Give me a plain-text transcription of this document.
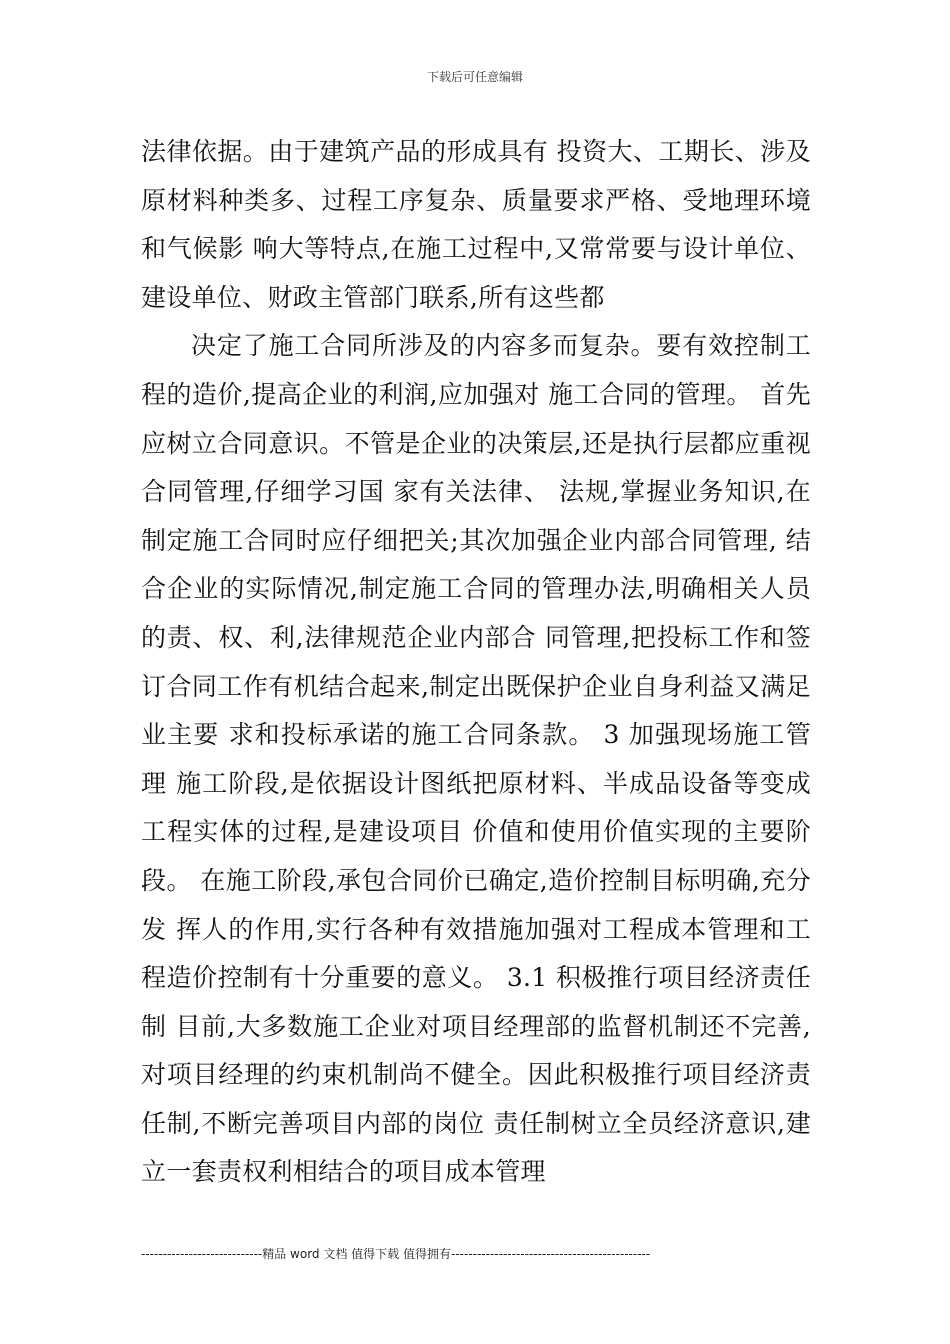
下载后可任意编辑

法律依据。由于建筑产品的形成具有 投资大、工期长、涉及原材料种类多、过程工序复杂、质量要求严格、受地理环境和气候影 响大等特点,在施工过程中,又常常要与设计单位、建设单位、财政主管部门联系,所有这些都

决定了施工合同所涉及的内容多而复杂。要有效控制工程的造价,提高企业的利润,应加强对 施工合同的管理。 首先应树立合同意识。不管是企业的决策层,还是执行层都应重视合同管理,仔细学习国 家有关法律、 法规,掌握业务知识,在制定施工合同时应仔细把关;其次加强企业内部合同管理, 结合企业的实际情况,制定施工合同的管理办法,明确相关人员的责、权、利,法律规范企业内部合 同管理,把投标工作和签订合同工作有机结合起来,制定出既保护企业自身利益又满足业主要 求和投标承诺的施工合同条款。 3 加强现场施工管理 施工阶段,是依据设计图纸把原材料、半成品设备等变成工程实体的过程,是建设项目 价值和使用价值实现的主要阶段。 在施工阶段,承包合同价已确定,造价控制目标明确,充分发 挥人的作用,实行各种有效措施加强对工程成本管理和工程造价控制有十分重要的意义。 3.1 积极推行项目经济责任制 目前,大多数施工企业对项目经理部的监督机制还不完善, 对项目经理的约束机制尚不健全。因此积极推行项目经济责任制,不断完善项目内部的岗位 责任制树立全员经济意识,建立一套责权利相结合的项目成本管理

----------------------------精品 word 文档 值得下载 值得拥有----------------------------------------------
